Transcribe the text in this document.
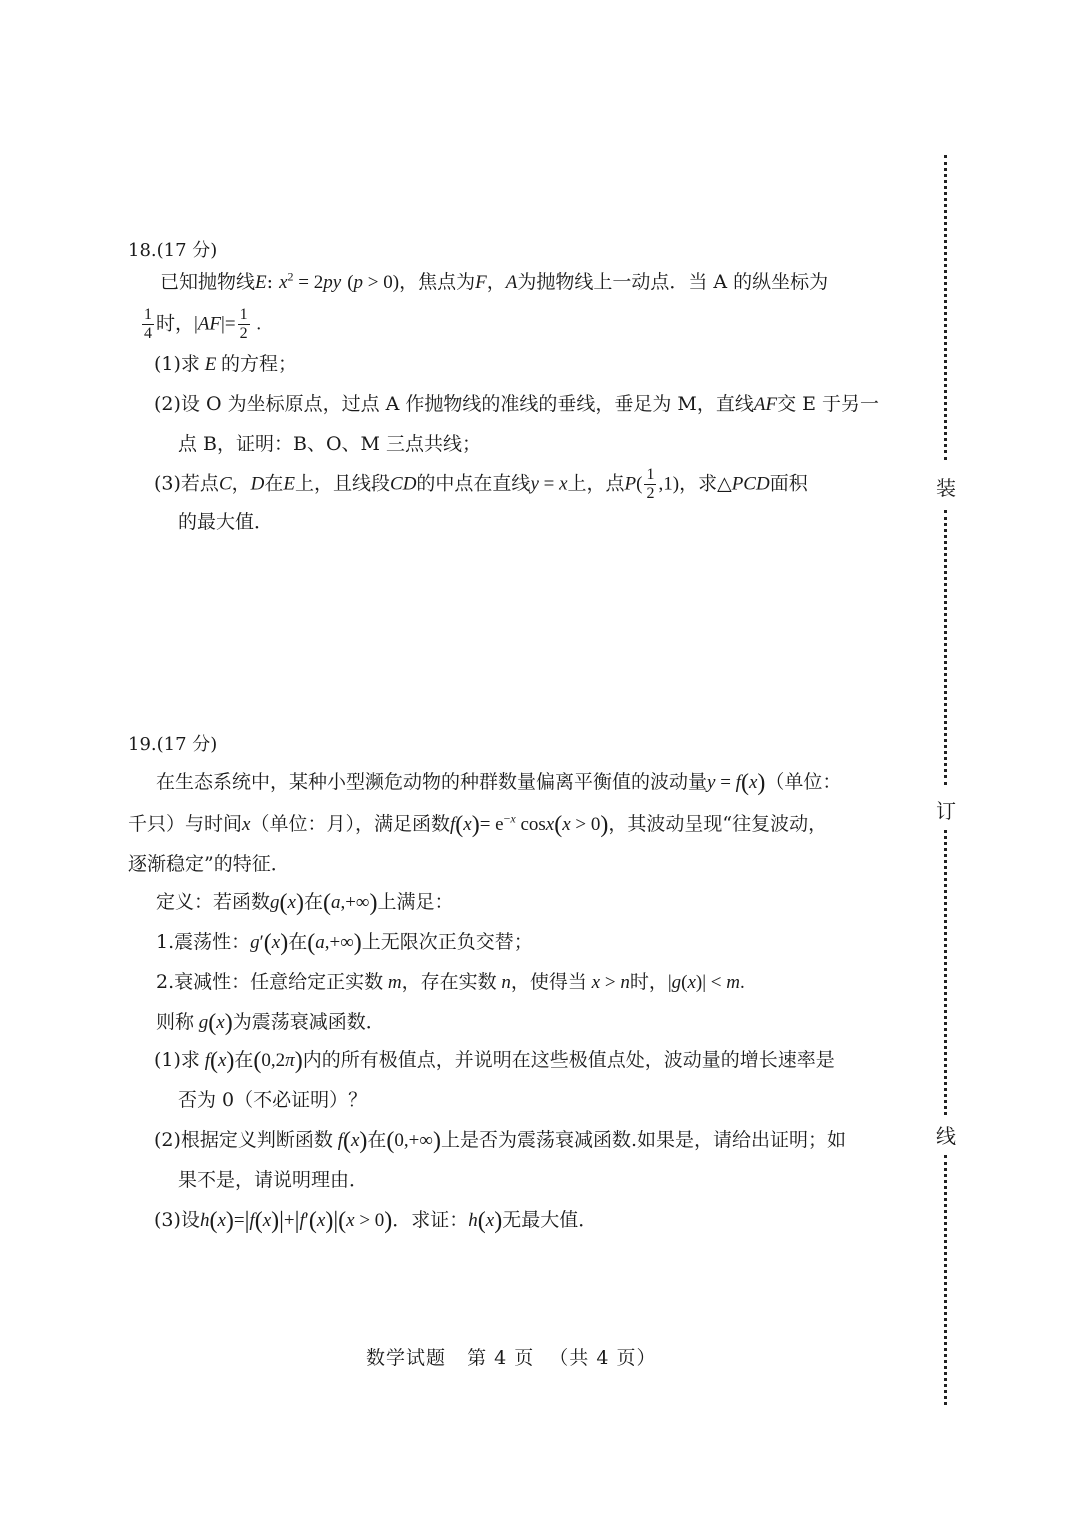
装
订
线
18.(17 分)
已知抛物线E: $x^2 = 2py$ (p > 0)，焦点为F，A为抛物线上一动点．当 A 的纵坐标为
$\frac{1}{4}$ 时，$|AF|= \frac{1}{2}$ .
(1)求 E 的方程；
(2)设 O 为坐标原点，过点 A 作抛物线的准线的垂线，垂足为 M，直线AF交 E 于另一
点 B，证明：B、O、M 三点共线；
(3)若点C，D在E上，且线段CD的中点在直线y = x上，点$P( \frac{1}{2} ,1)$，求△PCD面积
的最大值．
19.(17 分)
在生态系统中，某种小型濒危动物的种群数量偏离平衡值的波动量y = f(x)（单位：
千只）与时间x（单位：月），满足函数$f(x)= e^{-x}$ cosx(x > 0)，其波动呈现“往复波动，
逐渐稳定”的特征．
定义：若函数g(x)在(a,+∞)上满足：
1.震荡性：g′(x)在(a,+∞)上无限次正负交替；
2.衰减性：任意给定正实数 m，存在实数 n，使得当 x > n时，|g(x)| < m.
则称 g(x)为震荡衰减函数．
(1)求 f(x)在(0,2π)内的所有极值点，并说明在这些极值点处，波动量的增长速率是
否为 0（不必证明）？
(2)根据定义判断函数 f(x)在(0,+∞)上是否为震荡衰减函数.如果是，请给出证明；如
果不是，请说明理由．
(3)设h(x)=|f(x)|+|f′(x)|(x > 0)．求证：h(x)无最大值．
数学试题 第 4 页 （共 4 页）
